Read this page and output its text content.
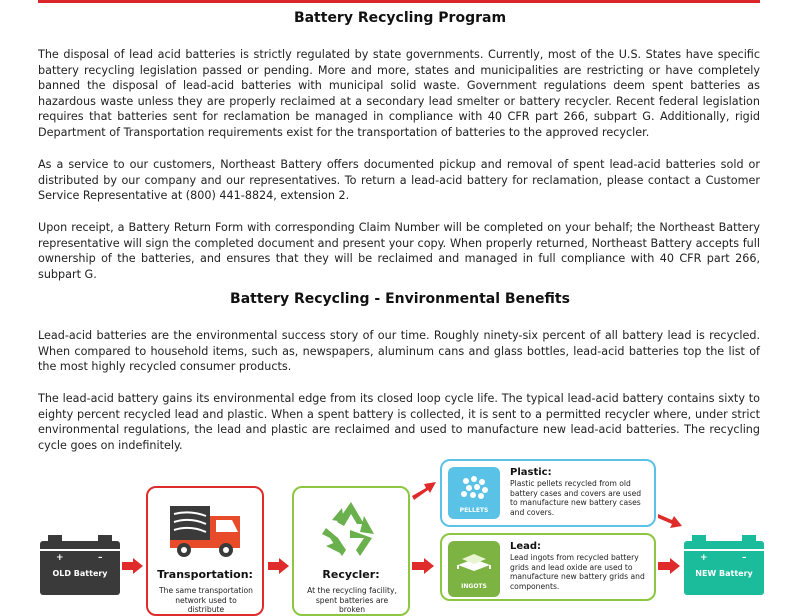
Battery Recycling Program

The disposal of lead acid batteries is strictly regulated by state governments. Currently, most of the U.S. States have specific battery recycling legislation passed or pending. More and more, states and municipalities are restricting or have completely banned the disposal of lead-acid batteries with municipal solid waste. Government regulations deem spent batteries as hazardous waste unless they are properly reclaimed at a secondary lead smelter or battery recycler. Recent federal legislation requires that batteries sent for reclamation be managed in compliance with 40 CFR part 266, subpart G. Additionally, rigid Department of Transportation requirements exist for the transportation of batteries to the approved recycler.

As a service to our customers, Northeast Battery offers documented pickup and removal of spent lead-acid batteries sold or distributed by our company and our representatives. To return a lead-acid battery for reclamation, please contact a Customer Service Representative at (800) 441-8824, extension 2.

Upon receipt, a Battery Return Form with corresponding Claim Number will be completed on your behalf; the Northeast Battery representative will sign the completed document and present your copy. When properly returned, Northeast Battery accepts full ownership of the batteries, and ensures that they will be reclaimed and managed in full compliance with 40 CFR part 266, subpart G.

Battery Recycling - Environmental Benefits

Lead-acid batteries are the environmental success story of our time. Roughly ninety-six percent of all battery lead is recycled. When compared to household items, such as, newspapers, aluminum cans and glass bottles, lead-acid batteries top the list of the most highly recycled consumer products.

The lead-acid battery gains its environmental edge from its closed loop cycle life. The typical lead-acid battery contains sixty to eighty percent recycled lead and plastic. When a spent battery is collected, it is sent to a permitted recycler where, under strict environmental regulations, the lead and plastic are reclaimed and used to manufacture new lead-acid batteries. The recycling cycle goes on indefinitely.

+	–
OLD Battery	Transportation:
The same transportation network used to distribute
Recycler:
At the recycling facility, spent batteries are broken
PELLETS
Plastic:
Plastic pellets recycled from old battery cases and covers are used to manufacture new battery cases and covers.
INGOTS
Lead:
Lead ingots from recycled battery grids and lead oxide are used to manufacture new battery grids and components.
+	–
NEW Battery
